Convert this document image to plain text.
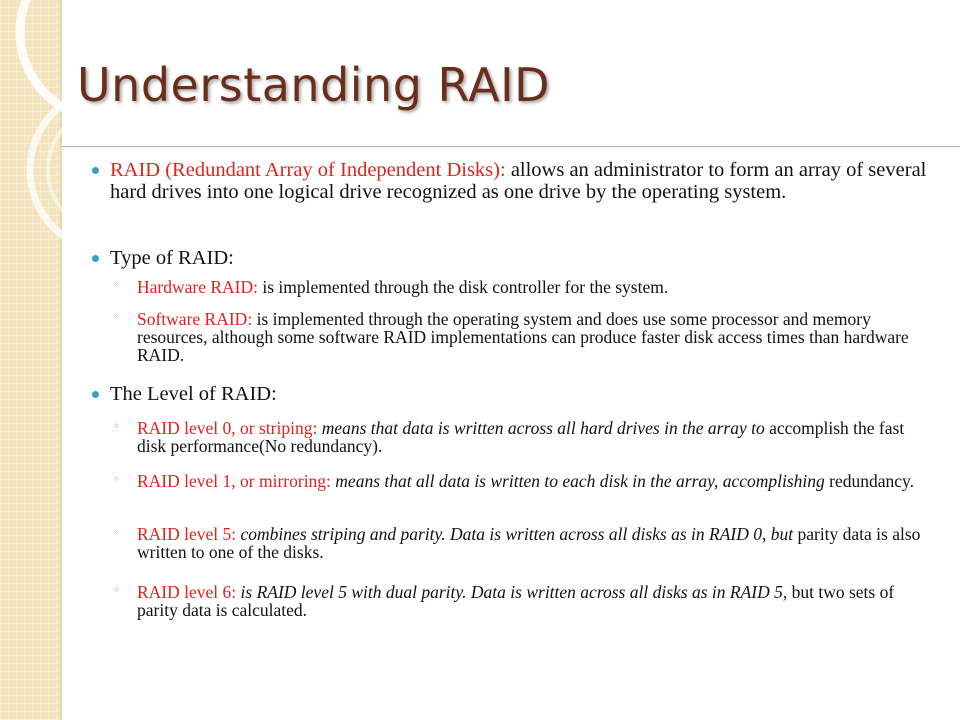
Understanding RAID
RAID (Redundant Array of Independent Disks): allows an administrator to form an array of several hard drives into one logical drive recognized as one drive by the operating system.
Type of RAID:
◦ Hardware RAID: is implemented through the disk controller for the system.
◦ Software RAID: is implemented through the operating system and does use some processor and memory resources, although some software RAID implementations can produce faster disk access times than hardware RAID.
The Level of RAID:
◦ RAID level 0, or striping: means that data is written across all hard drives in the array to accomplish the fast disk performance(No redundancy).
◦ RAID level 1, or mirroring: means that all data is written to each disk in the array, accomplishing redundancy.
◦ RAID level 5: combines striping and parity. Data is written across all disks as in RAID 0, but parity data is also written to one of the disks.
◦ RAID level 6: is RAID level 5 with dual parity. Data is written across all disks as in RAID 5, but two sets of parity data is calculated.
